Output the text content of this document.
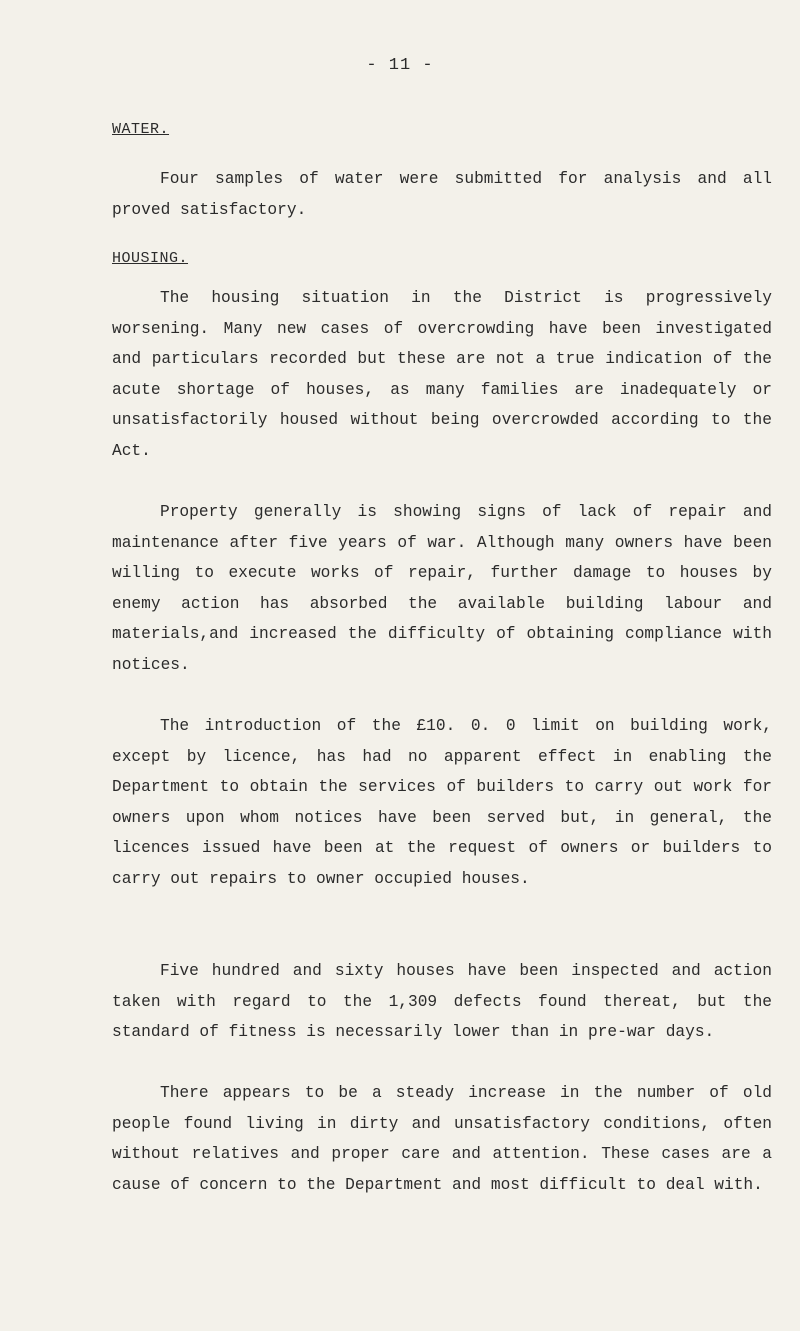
- 11 -
WATER.

Four samples of water were submitted for analysis and all proved satisfactory.

HOUSING.

The housing situation in the District is progressively worsening. Many new cases of overcrowding have been investigated and particulars recorded but these are not a true indication of the acute shortage of houses, as many families are inadequately or unsatisfactorily housed without being overcrowded according to the Act.

Property generally is showing signs of lack of repair and maintenance after five years of war. Although many owners have been willing to execute works of repair, further damage to houses by enemy action has absorbed the available building labour and materials,and increased the difficulty of obtaining compliance with notices.

The introduction of the £10. 0. 0 limit on building work, except by licence, has had no apparent effect in enabling the Department to obtain the services of builders to carry out work for owners upon whom notices have been served but, in general, the licences issued have been at the request of owners or builders to carry out repairs to owner occupied houses.

Five hundred and sixty houses have been inspected and action taken with regard to the 1,309 defects found thereat, but the standard of fitness is necessarily lower than in pre-war days.

There appears to be a steady increase in the number of old people found living in dirty and unsatisfactory conditions, often without relatives and proper care and attention. These cases are a cause of concern to the Department and most difficult to deal with.
